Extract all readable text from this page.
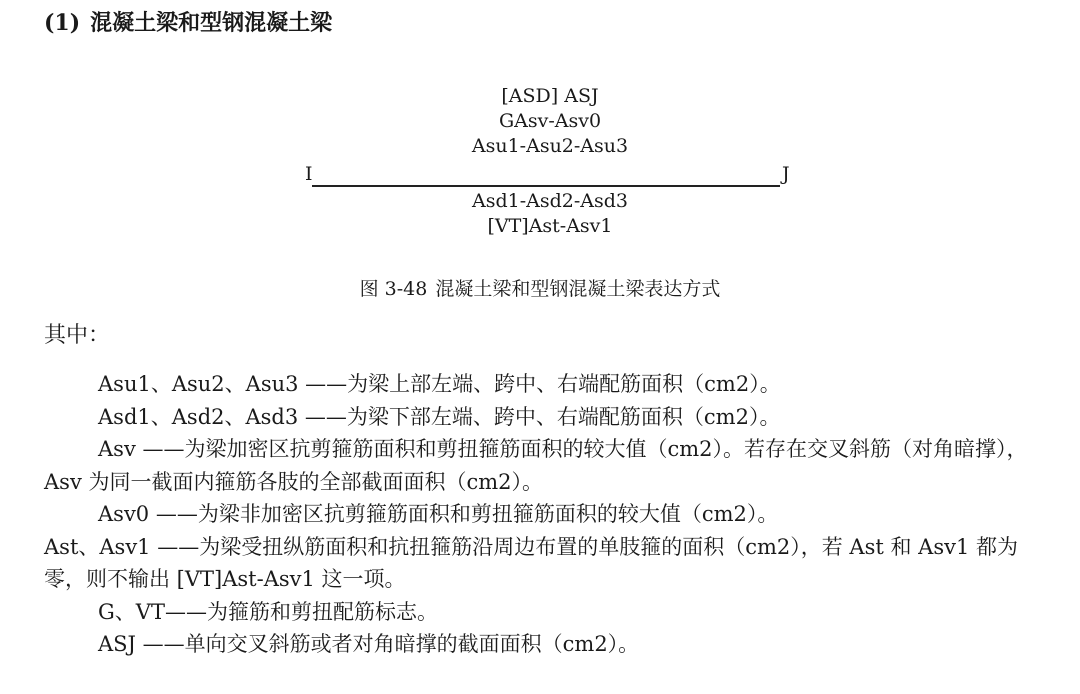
(1) 混凝土梁和型钢混凝土梁
[ASD] ASJ
GAsv-Asv0
Asu1-Asu2-Asu3
I	J
Asd1-Asd2-Asd3
[VT]Ast-Asv1
图 3-48 混凝土梁和型钢混凝土梁表达方式
其中：

Asu1、Asu2、Asu3 ——为梁上部左端、跨中、右端配筋面积（cm2）。

Asd1、Asd2、Asd3 ——为梁下部左端、跨中、右端配筋面积（cm2）。

Asv ——为梁加密区抗剪箍筋面积和剪扭箍筋面积的较大值（cm2）。若存在交叉斜筋（对角暗撑），Asv 为同一截面内箍筋各肢的全部截面面积（cm2）。

Asv0 ——为梁非加密区抗剪箍筋面积和剪扭箍筋面积的较大值（cm2）。

Ast、Asv1 ——为梁受扭纵筋面积和抗扭箍筋沿周边布置的单肢箍的面积（cm2），若 Ast 和 Asv1 都为零，则不输出 [VT]Ast-Asv1 这一项。

G、VT——为箍筋和剪扭配筋标志。

ASJ ——单向交叉斜筋或者对角暗撑的截面面积（cm2）。
